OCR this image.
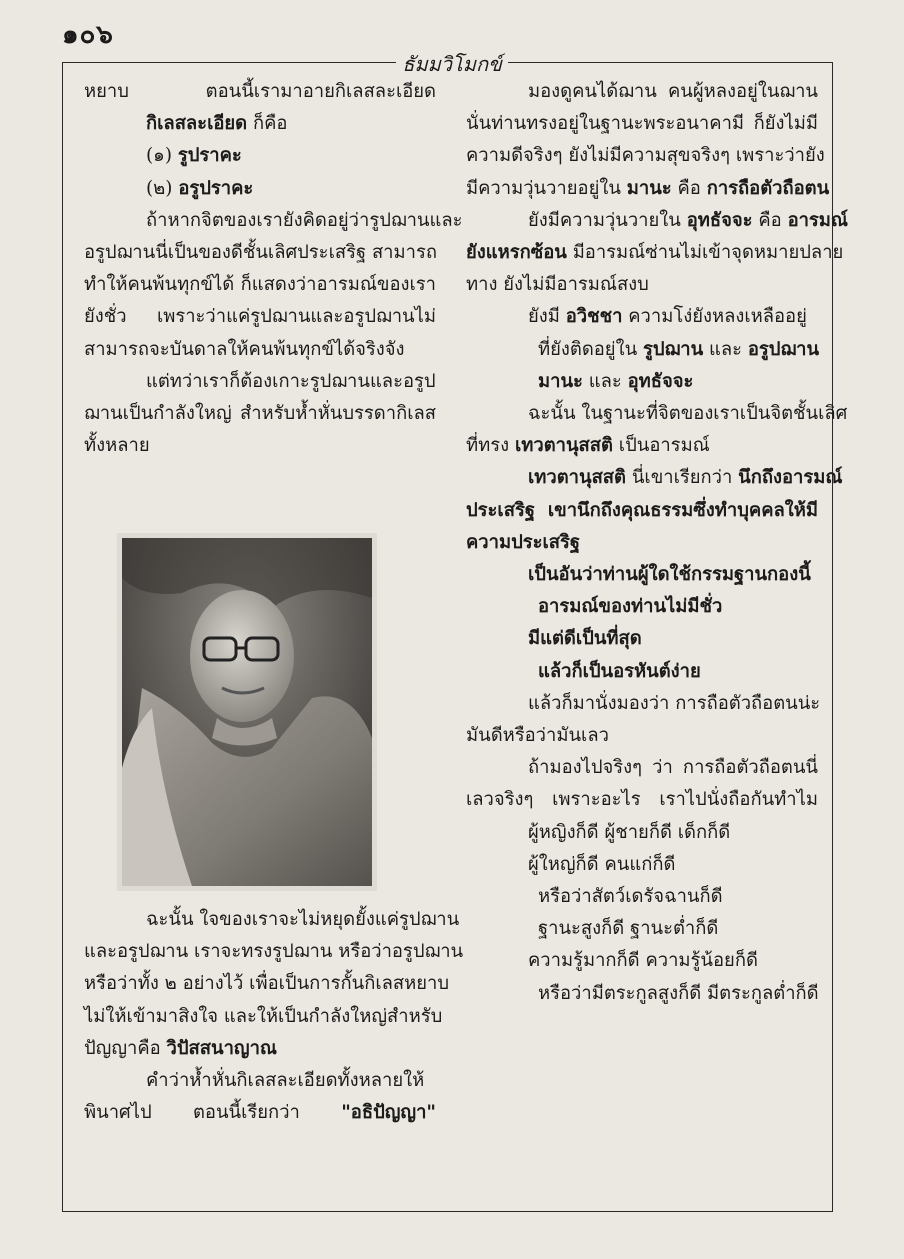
๑๐๖
ธัมมวิโมกข์
หยาบ ตอนนี้เรามาอายกิเลสละเอียด
กิเลสละเอียด ก็คือ
(๑) รูปราคะ
(๒) อรูปราคะ
ถ้าหากจิตของเรายังคิดอยู่ว่ารูปฌานและ
อรูปฌานนี่เป็นของดีชั้นเลิศประเสริฐ สามารถ
ทำให้คนพ้นทุกข์ได้ ก็แสดงว่าอารมณ์ของเรา
ยังชั่ว เพราะว่าแค่รูปฌานและอรูปฌานไม่
สามารถจะบันดาลให้คนพ้นทุกข์ได้จริงจัง
แต่ทว่าเราก็ต้องเกาะรูปฌานและอรูป
ฌานเป็นกำลังใหญ่ สำหรับห้ำหั่นบรรดากิเลส
ทั้งหลาย
ฉะนั้น ใจของเราจะไม่หยุดยั้งแค่รูปฌาน
และอรูปฌาน เราจะทรงรูปฌาน หรือว่าอรูปฌาน
หรือว่าทั้ง ๒ อย่างไว้ เพื่อเป็นการกั้นกิเลสหยาบ
ไม่ให้เข้ามาสิงใจ และให้เป็นกำลังใหญ่สำหรับ
ปัญญาคือ วิปัสสนาญาณ
คำว่าห้ำหั่นกิเลสละเอียดทั้งหลายให้
พินาศไป ตอนนี้เรียกว่า "อธิปัญญา"
มองดูคนได้ฌาน คนผู้หลงอยู่ในฌาน
นั่นท่านทรงอยู่ในฐานะพระอนาคามี ก็ยังไม่มี
ความดีจริงๆ ยังไม่มีความสุขจริงๆ เพราะว่ายัง
มีความวุ่นวายอยู่ใน มานะ คือ การถือตัวถือตน
ยังมีความวุ่นวายใน อุทธัจจะ คือ อารมณ์
ยังแหรกซ้อน มีอารมณ์ซ่านไม่เข้าจุดหมายปลาย
ทาง ยังไม่มีอารมณ์สงบ
ยังมี อวิชชา ความโง่ยังหลงเหลืออยู่
ที่ยังติดอยู่ใน รูปฌาน และ อรูปฌาน
มานะ และ อุทธัจจะ
ฉะนั้น ในฐานะที่จิตของเราเป็นจิตชั้นเลิศ
ที่ทรง เทวตานุสสติ เป็นอารมณ์
เทวตานุสสติ นี่เขาเรียกว่า นึกถึงอารมณ์
ประเสริฐ เขานึกถึงคุณธรรมซึ่งทำบุคคลให้มี
ความประเสริฐ
เป็นอันว่าท่านผู้ใดใช้กรรมฐานกองนี้
อารมณ์ของท่านไม่มีชั่ว
มีแต่ดีเป็นที่สุด
แล้วก็เป็นอรหันต์ง่าย
แล้วก็มานั่งมองว่า การถือตัวถือตนน่ะ
มันดีหรือว่ามันเลว
ถ้ามองไปจริงๆ ว่า การถือตัวถือตนนี่
เลวจริงๆ เพราะอะไร เราไปนั่งถือกันทำไม
ผู้หญิงก็ดี ผู้ชายก็ดี เด็กก็ดี
ผู้ใหญ่ก็ดี คนแก่ก็ดี
หรือว่าสัตว์เดรัจฉานก็ดี
ฐานะสูงก็ดี ฐานะต่ำก็ดี
ความรู้มากก็ดี ความรู้น้อยก็ดี
หรือว่ามีตระกูลสูงก็ดี มีตระกูลต่ำก็ดี
